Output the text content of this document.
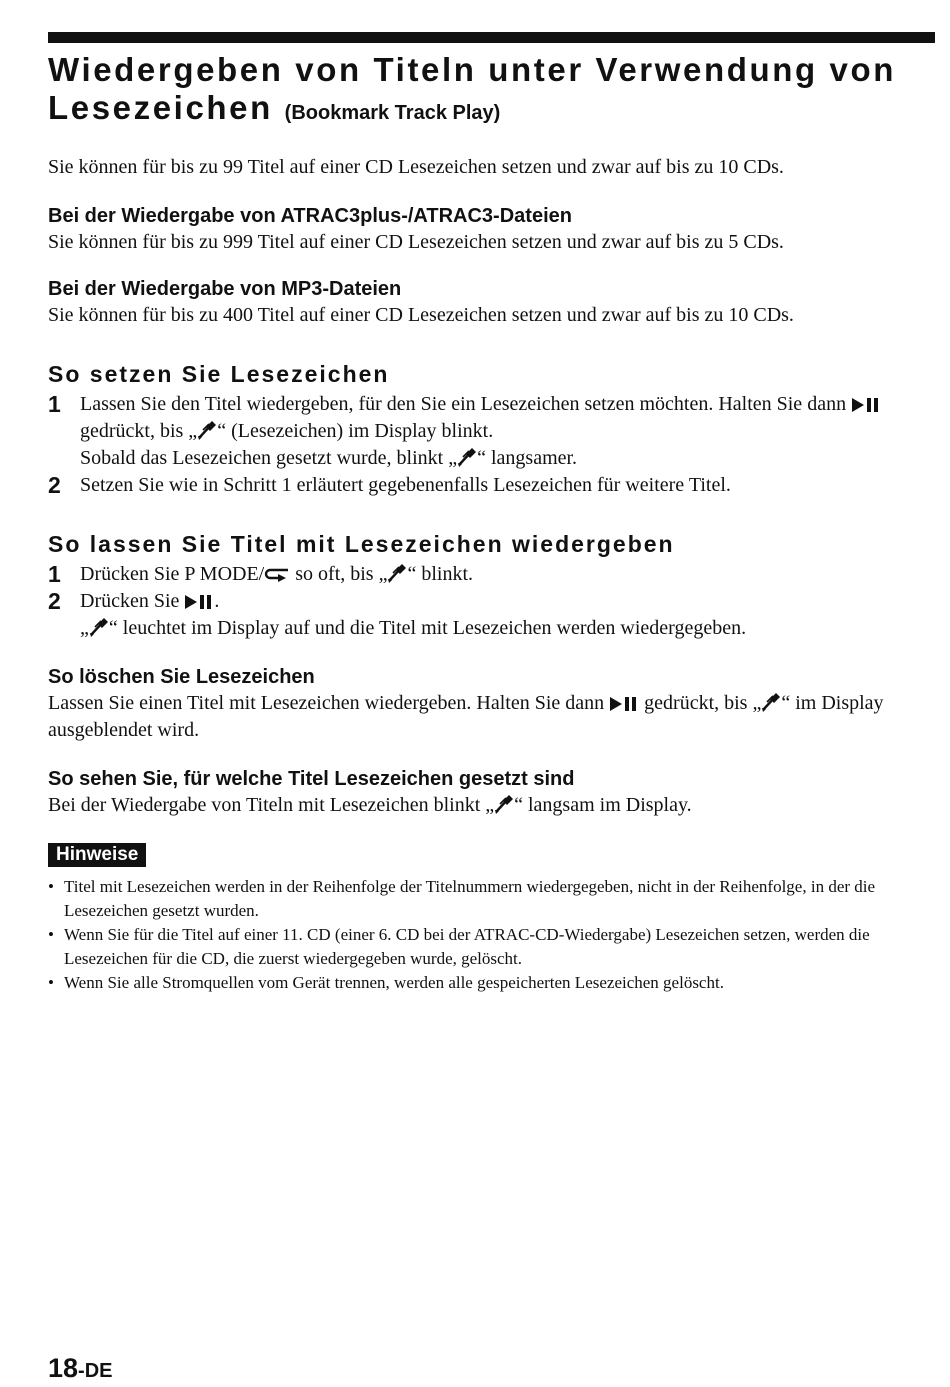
Wiedergeben von Titeln unter Verwendung von Lesezeichen (Bookmark Track Play)

Sie können für bis zu 99 Titel auf einer CD Lesezeichen setzen und zwar auf bis zu 10 CDs.

Bei der Wiedergabe von ATRAC3plus-/ATRAC3-Dateien

Sie können für bis zu 999 Titel auf einer CD Lesezeichen setzen und zwar auf bis zu 5 CDs.

Bei der Wiedergabe von MP3-Dateien

Sie können für bis zu 400 Titel auf einer CD Lesezeichen setzen und zwar auf bis zu 10 CDs.

So setzen Sie Lesezeichen
1 Lassen Sie den Titel wiedergeben, für den Sie ein Lesezeichen setzen möchten. Halten Sie dann  gedrückt, bis „ “ (Lesezeichen) im Display blinkt.
Sobald das Lesezeichen gesetzt wurde, blinkt „ “ langsamer.
2 Setzen Sie wie in Schritt 1 erläutert gegebenenfalls Lesezeichen für weitere Titel.
So lassen Sie Titel mit Lesezeichen wiedergeben
1 Drücken Sie P MODE/ so oft, bis „ “ blinkt.
2 Drücken Sie .
„ “ leuchtet im Display auf und die Titel mit Lesezeichen werden wiedergegeben.
So löschen Sie Lesezeichen

Lassen Sie einen Titel mit Lesezeichen wiedergeben. Halten Sie dann  gedrückt, bis „ “ im Display ausgeblendet wird.

So sehen Sie, für welche Titel Lesezeichen gesetzt sind

Bei der Wiedergabe von Titeln mit Lesezeichen blinkt „ “ langsam im Display.

Hinweise
• Titel mit Lesezeichen werden in der Reihenfolge der Titelnummern wiedergegeben, nicht in der Reihenfolge, in der die Lesezeichen gesetzt wurden.
• Wenn Sie für die Titel auf einer 11. CD (einer 6. CD bei der ATRAC-CD-Wiedergabe) Lesezeichen setzen, werden die Lesezeichen für die CD, die zuerst wiedergegeben wurde, gelöscht.
• Wenn Sie alle Stromquellen vom Gerät trennen, werden alle gespeicherten Lesezeichen gelöscht.
18-DE
